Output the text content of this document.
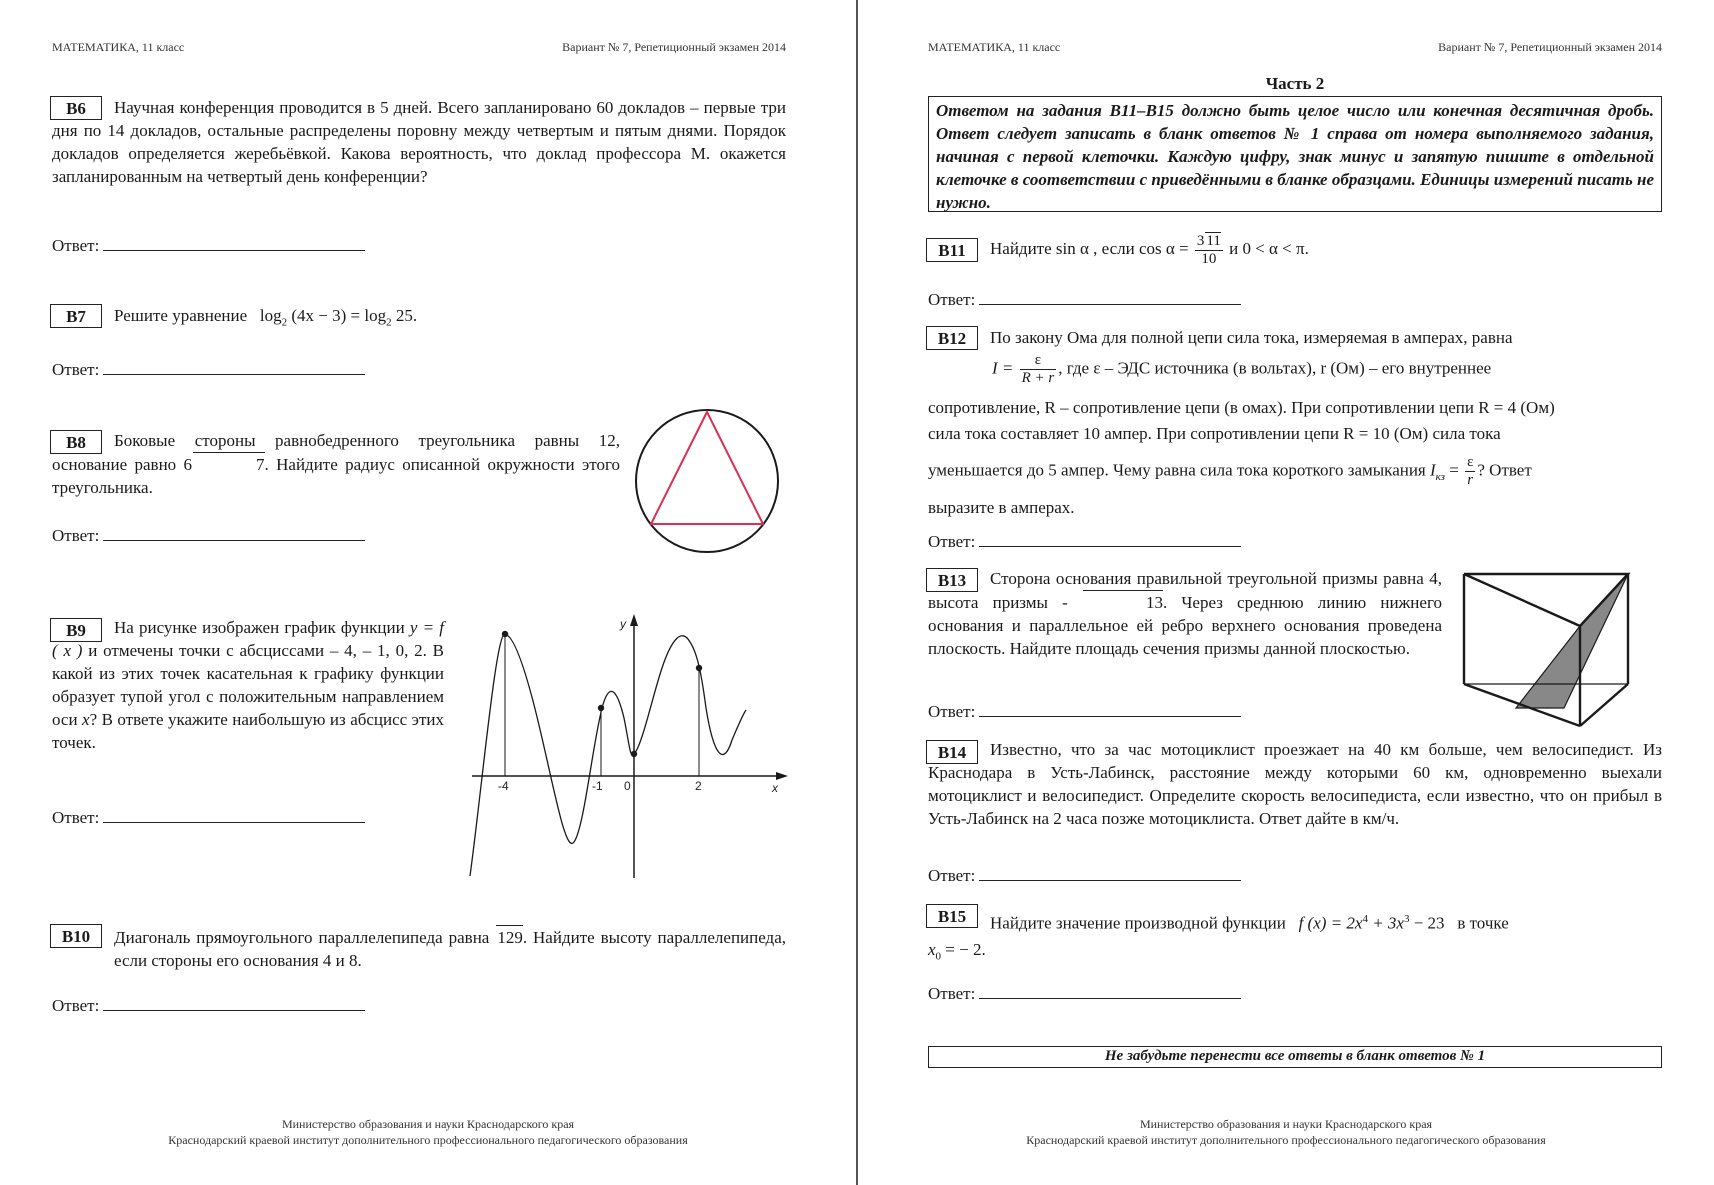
МАТЕМАТИКА, 11 класс	Вариант № 7, Репетиционный экзамен 2014
В6	Научная конференция проводится в 5 дней. Всего запланировано 60 докладов – первые три дня по 14 докладов, остальные распределены поровну между четвертым и пятым днями. Порядок докладов определяется жеребьёвкой. Какова вероятность, что доклад профессора М. окажется запланированным на четвертый день конференции?
Ответ:
В7	Решите уравнение $\log_2 (4x - 3) = \log_2 25$.
Ответ:
В8	Боковые стороны равнобедренного треугольника равны 12, основание равно 6	7. Найдите радиус описанной окружности этого треугольника.
Ответ:
В9	На рисунке изображен график функции y = f ( x ) и отмечены точки с абсциссами – 4, – 1, 0, 2. В какой из этих точек касательная к графику функции образует тупой угол с положительным направлением оси x? В ответе укажите наибольшую из абсцисс этих точек.
y
x
-4	-1 0	2
Ответ:
В10	Диагональ прямоугольного параллелепипеда равна 129. Найдите высоту параллелепипеда, если стороны его основания 4 и 8.
Ответ:
Министерство образования и науки Краснодарского края
Краснодарский краевой институт дополнительного профессионального педагогического образования
МАТЕМАТИКА, 11 класс	Вариант № 7, Репетиционный экзамен 2014
Часть 2
Ответом на задания В11–В15 должно быть целое число или конечная десятичная дробь. Ответ следует записать в бланк ответов № 1 справа от номера выполняемого задания, начиная с первой клеточки. Каждую цифру, знак минус и запятую пишите в отдельной клеточке в соответствии с приведёнными в бланке образцами. Единицы измерений писать не нужно.
В11	Найдите sin α , если $\cos \alpha = \frac{3 11}{10}$ и 0 < α < π.
Ответ:
В12	По закону Ома для полной цепи сила тока, измеряемая в амперах, равна
$I = \frac{\varepsilon}{R + r}$ , где ε – ЭДС источника (в вольтах), r (Ом) – его внутреннее
сопротивление, R – сопротивление цепи (в омах). При сопротивлении цепи R = 4 (Ом)
сила тока составляет 10 ампер. При сопротивлении цепи R = 10 (Ом) сила тока
уменьшается до 5 ампер. Чему равна сила тока короткого замыкания $I_{кз} = \frac{\varepsilon}{r}$ ? Ответ
выразите в амперах.
Ответ:
В13	Сторона основания правильной треугольной призмы равна 4, высота призмы -	13. Через среднюю линию нижнего основания и параллельное ей ребро верхнего основания проведена плоскость. Найдите площадь сечения призмы данной плоскостью.
Ответ:
В14	Известно, что за час мотоциклист проезжает на 40 км больше, чем велосипедист. Из Краснодара в Усть-Лабинск, расстояние между которыми 60 км, одновременно выехали мотоциклист и велосипедист. Определите скорость велосипедиста, если известно, что он прибыл в Усть-Лабинск на 2 часа позже мотоциклиста. Ответ дайте в км/ч.
Ответ:
В15	Найдите значение производной функции f $(x) = 2x^4 + 3x^3 - 23$ в точке
$x_0$ = − 2.
Ответ:
Не забудьте перенести все ответы в бланк ответов № 1
Министерство образования и науки Краснодарского края
Краснодарский краевой институт дополнительного профессионального педагогического образования
